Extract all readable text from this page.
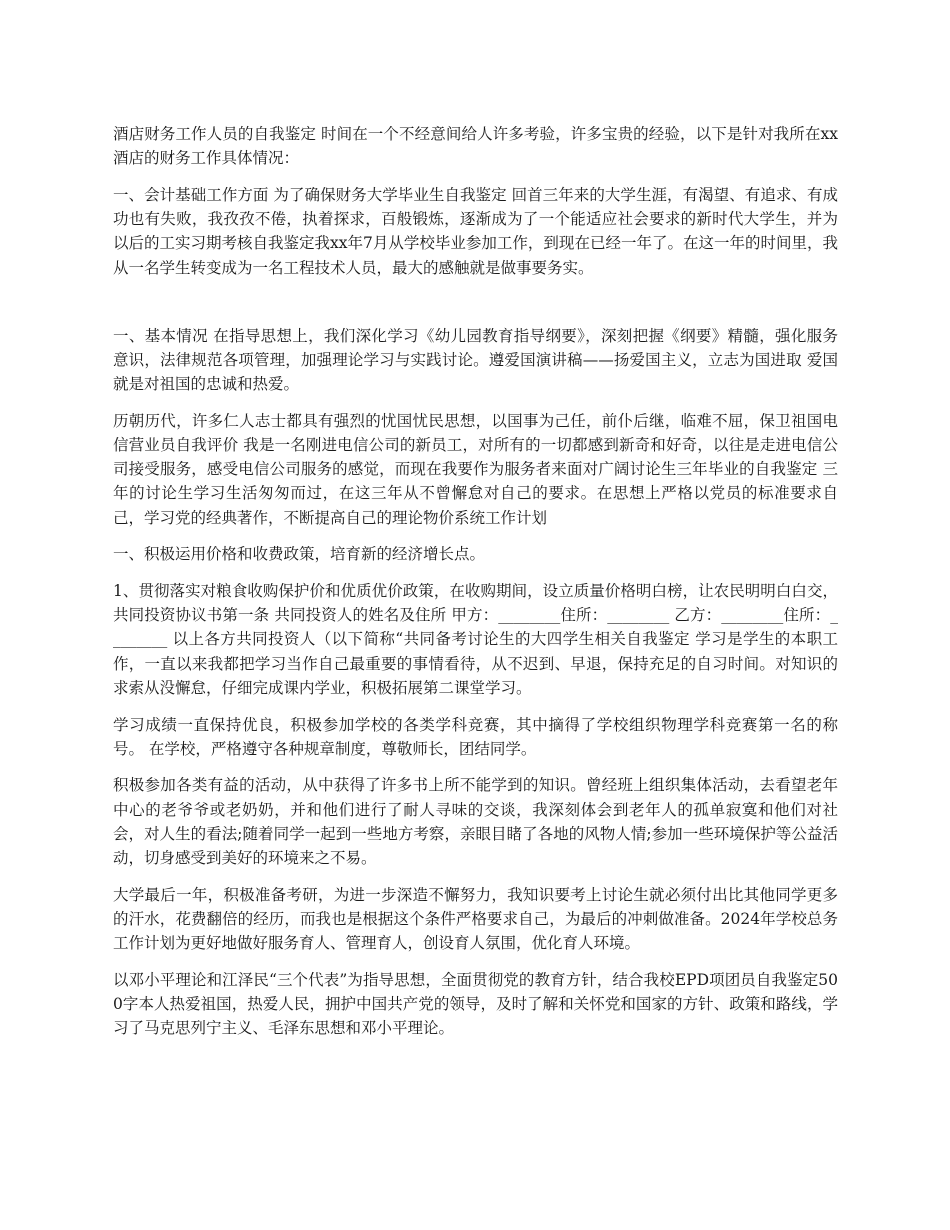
酒店财务工作人员的自我鉴定 时间在一个不经意间给人许多考验，许多宝贵的经验，以下是针对我所在xx酒店的财务工作具体情况：

一、会计基础工作方面 为了确保财务大学毕业生自我鉴定 回首三年来的大学生涯，有渴望、有追求、有成功也有失败，我孜孜不倦，执着探求，百般锻炼，逐渐成为了一个能适应社会要求的新时代大学生，并为以后的工实习期考核自我鉴定我xx年7月从学校毕业参加工作，到现在已经一年了。在这一年的时间里，我从一名学生转变成为一名工程技术人员，最大的感触就是做事要务实。

一、基本情况 在指导思想上，我们深化学习《幼儿园教育指导纲要》，深刻把握《纲要》精髓，强化服务意识，法律规范各项管理，加强理论学习与实践讨论。遵爱国演讲稿——扬爱国主义，立志为国进取 爱国就是对祖国的忠诚和热爱。

历朝历代，许多仁人志士都具有强烈的忧国忧民思想，以国事为己任，前仆后继，临难不屈，保卫祖国电信营业员自我评价 我是一名刚进电信公司的新员工，对所有的一切都感到新奇和好奇，以往是走进电信公司接受服务，感受电信公司服务的感觉，而现在我要作为服务者来面对广阔讨论生三年毕业的自我鉴定 三年的讨论生学习生活匆匆而过，在这三年从不曾懈怠对自己的要求。在思想上严格以党员的标准要求自己，学习党的经典著作，不断提高自己的理论物价系统工作计划

一、积极运用价格和收费政策，培育新的经济增长点。

1、贯彻落实对粮食收购保护价和优质优价政策，在收购期间，设立质量价格明白榜，让农民明明白白交，共同投资协议书第一条 共同投资人的姓名及住所 甲方：________住所：________ 乙方：________住所：________ 以上各方共同投资人（以下简称“共同备考讨论生的大四学生相关自我鉴定 学习是学生的本职工作，一直以来我都把学习当作自己最重要的事情看待，从不迟到、早退，保持充足的自习时间。对知识的求索从没懈怠，仔细完成课内学业，积极拓展第二课堂学习。

学习成绩一直保持优良，积极参加学校的各类学科竞赛，其中摘得了学校组织物理学科竞赛第一名的称号。 在学校，严格遵守各种规章制度，尊敬师长，团结同学。

积极参加各类有益的活动，从中获得了许多书上所不能学到的知识。曾经班上组织集体活动，去看望老年中心的老爷爷或老奶奶，并和他们进行了耐人寻味的交谈，我深刻体会到老年人的孤单寂寞和他们对社会，对人生的看法;随着同学一起到一些地方考察，亲眼目睹了各地的风物人情;参加一些环境保护等公益活动，切身感受到美好的环境来之不易。

大学最后一年，积极准备考研，为进一步深造不懈努力，我知识要考上讨论生就必须付出比其他同学更多的汗水，花费翻倍的经历，而我也是根据这个条件严格要求自己，为最后的冲刺做准备。2024年学校总务工作计划为更好地做好服务育人、管理育人，创设育人氛围，优化育人环境。

以邓小平理论和江泽民“三个代表”为指导思想，全面贯彻党的教育方针，结合我校EPD项团员自我鉴定500字本人热爱祖国，热爱人民，拥护中国共产党的领导，及时了解和关怀党和国家的方针、政策和路线，学习了马克思列宁主义、毛泽东思想和邓小平理论。
